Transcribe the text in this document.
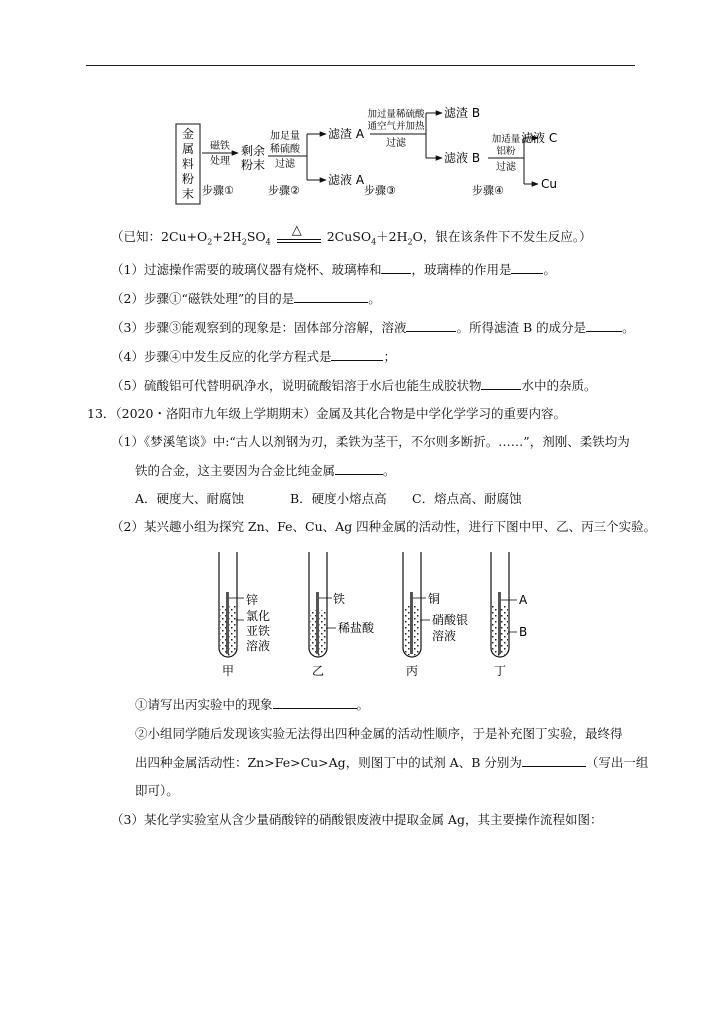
金
属
料
粉
末
磁铁
处理
剩余
粉末
加足量
稀硫酸
过滤
滤渣 A
滤液 A
加过量稀硫酸
通空气并加热
过滤
滤渣 B
滤液 B
加适量
铝粉
过滤
滤液 C
Cu
步骤①	步骤②	步骤③	步骤④
（已知：$2Cu+O_2+2H_2SO_4$
△ $2CuSO_4+2H_2O$，银在该条件下不发生反应。）
（1）过滤操作需要的玻璃仪器有烧杯、玻璃棒和 ，玻璃棒的作用是	。
（2）步骤①“磁铁处理”的目的是	。
（3）步骤③能观察到的现象是：固体部分溶解，溶液	。所得滤渣 B 的成分是	。
（4）步骤④中发生反应的化学方程式是	；
（5）硫酸铝可代替明矾净水，说明硫酸铝溶于水后也能生成胶状物	水中的杂质。
13．（2020・洛阳市九年级上学期期末）金属及其化合物是中学化学学习的重要内容。
（1）《梦溪笔谈》中:“古人以剂钢为刃，柔铁为茎干，不尔则多断折。……”，剂刚、柔铁均为
铁的合金，这主要因为合金比纯金属	。
A．硬度大、耐腐蚀	B．硬度小熔点高 C．熔点高、耐腐蚀
（2）某兴趣小组为探究 Zn、Fe、Cu、Ag 四种金属的活动性，进行下图中甲、乙、丙三个实验。
锌
氯化
亚铁
溶液
甲
铁
稀盐酸
乙
铜
硝酸银
溶液
丙
A
B
丁
①请写出丙实验中的现象	。
②小组同学随后发现该实验无法得出四种金属的活动性顺序，于是补充图丁实验，最终得
出四种金属活动性：Zn>Fe>Cu>Ag，则图丁中的试剂 A、B 分别为	（写出一组
即可）。
（3）某化学实验室从含少量硝酸锌的硝酸银废液中提取金属 Ag，其主要操作流程如图：
